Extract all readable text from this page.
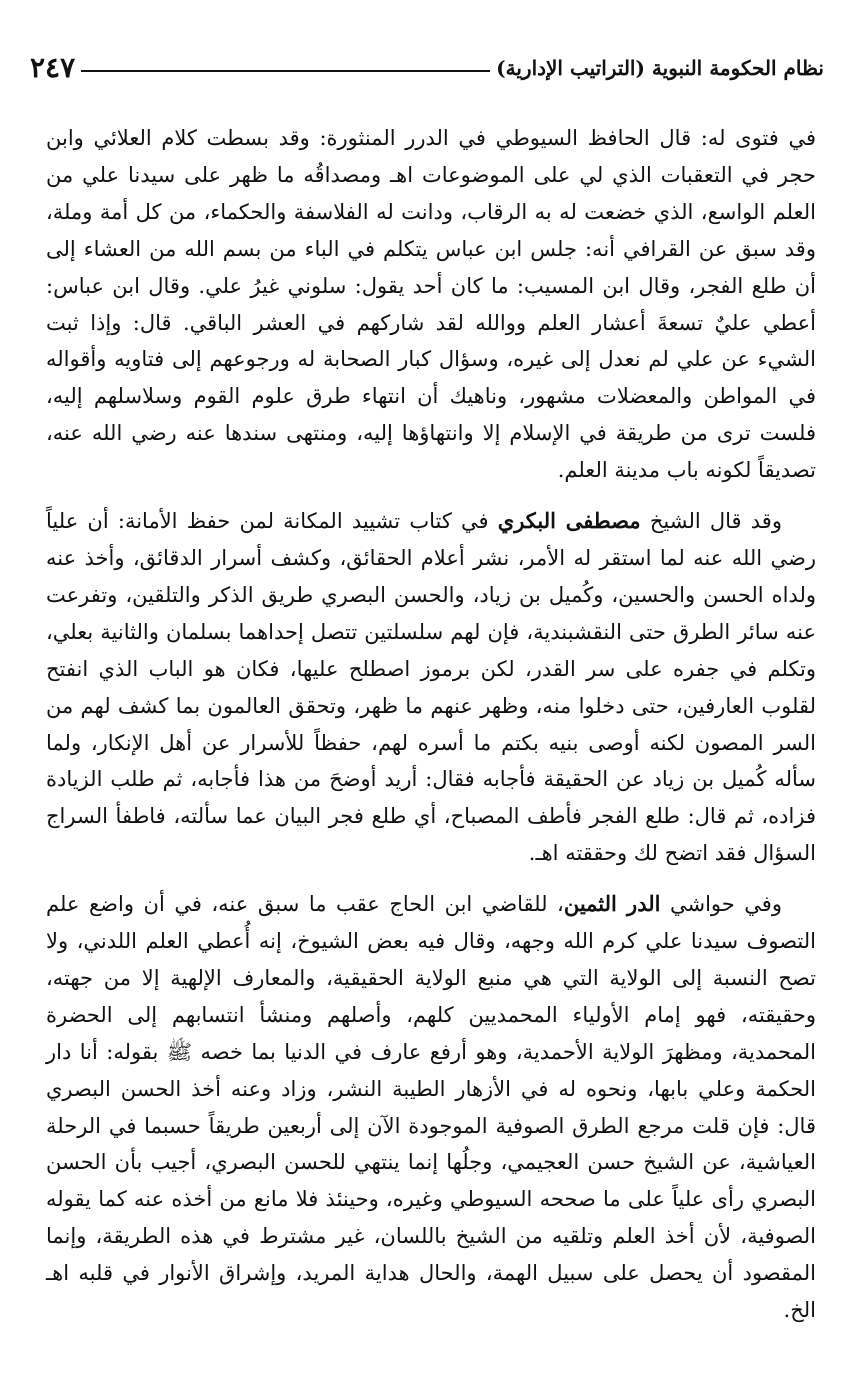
نظام الحكومة النبوية (التراتيب الإدارية)
٢٤٧

في فتوى له: قال الحافظ السيوطي في الدرر المنثورة: وقد بسطت كلام العلائي وابن حجر في التعقبات الذي لي على الموضوعات اهـ ومصداقُه ما ظهر على سيدنا علي من العلم الواسع، الذي خضعت له به الرقاب، ودانت له الفلاسفة والحكماء، من كل أمة وملة، وقد سبق عن القرافي أنه: جلس ابن عباس يتكلم في الباء من بسم الله من العشاء إلى أن طلع الفجر، وقال ابن المسيب: ما كان أحد يقول: سلوني غيرُ علي. وقال ابن عباس: أعطي عليٌ تسعةَ أعشار العلم ووالله لقد شاركهم في العشر الباقي. قال: وإذا ثبت الشيء عن علي لم نعدل إلى غيره، وسؤال كبار الصحابة له ورجوعهم إلى فتاويه وأقواله في المواطن والمعضلات مشهور، وناهيك أن انتهاء طرق علوم القوم وسلاسلهم إليه، فلست ترى من طريقة في الإسلام إلا وانتهاؤها إليه، ومنتهى سندها عنه رضي الله عنه، تصديقاً لكونه باب مدينة العلم.

وقد قال الشيخ مصطفى البكري في كتاب تشييد المكانة لمن حفظ الأمانة: أن علياً رضي الله عنه لما استقر له الأمر، نشر أعلام الحقائق، وكشف أسرار الدقائق، وأخذ عنه ولداه الحسن والحسين، وكُميل بن زياد، والحسن البصري طريق الذكر والتلقين، وتفرعت عنه سائر الطرق حتى النقشبندية، فإن لهم سلسلتين تتصل إحداهما بسلمان والثانية بعلي، وتكلم في جفره على سر القدر، لكن برموز اصطلح عليها، فكان هو الباب الذي انفتح لقلوب العارفين، حتى دخلوا منه، وظهر عنهم ما ظهر، وتحقق العالمون بما كشف لهم من السر المصون لكنه أوصى بنيه بكتم ما أسره لهم، حفظاً للأسرار عن أهل الإنكار، ولما سأله كُميل بن زياد عن الحقيقة فأجابه فقال: أريد أوضحَ من هذا فأجابه، ثم طلب الزيادة فزاده، ثم قال: طلع الفجر فأطف المصباح، أي طلع فجر البيان عما سألته، فاطفأ السراج السؤال فقد اتضح لك وحققته اهـ.

وفي حواشي الدر الثمين، للقاضي ابن الحاج عقب ما سبق عنه، في أن واضع علم التصوف سيدنا علي كرم الله وجهه، وقال فيه بعض الشيوخ، إنه أُعطي العلم اللدني، ولا تصح النسبة إلى الولاية التي هي منبع الولاية الحقيقية، والمعارف الإلهية إلا من جهته، وحقيقته، فهو إمام الأولياء المحمديين كلهم، وأصلهم ومنشأ انتسابهم إلى الحضرة المحمدية، ومظهرَ الولاية الأحمدية، وهو أرفع عارف في الدنيا بما خصه ﷺ بقوله: أنا دار الحكمة وعلي بابها، ونحوه له في الأزهار الطيبة النشر، وزاد وعنه أخذ الحسن البصري قال: فإن قلت مرجع الطرق الصوفية الموجودة الآن إلى أربعين طريقاً حسبما في الرحلة العياشية، عن الشيخ حسن العجيمي، وجلُها إنما ينتهي للحسن البصري، أجيب بأن الحسن البصري رأى علياً على ما صححه السيوطي وغيره، وحينئذ فلا مانع من أخذه عنه كما يقوله الصوفية، لأن أخذ العلم وتلقيه من الشيخ باللسان، غير مشترط في هذه الطريقة، وإنما المقصود أن يحصل على سبيل الهمة، والحال هداية المريد، وإشراق الأنوار في قلبه اهـ الخ.
